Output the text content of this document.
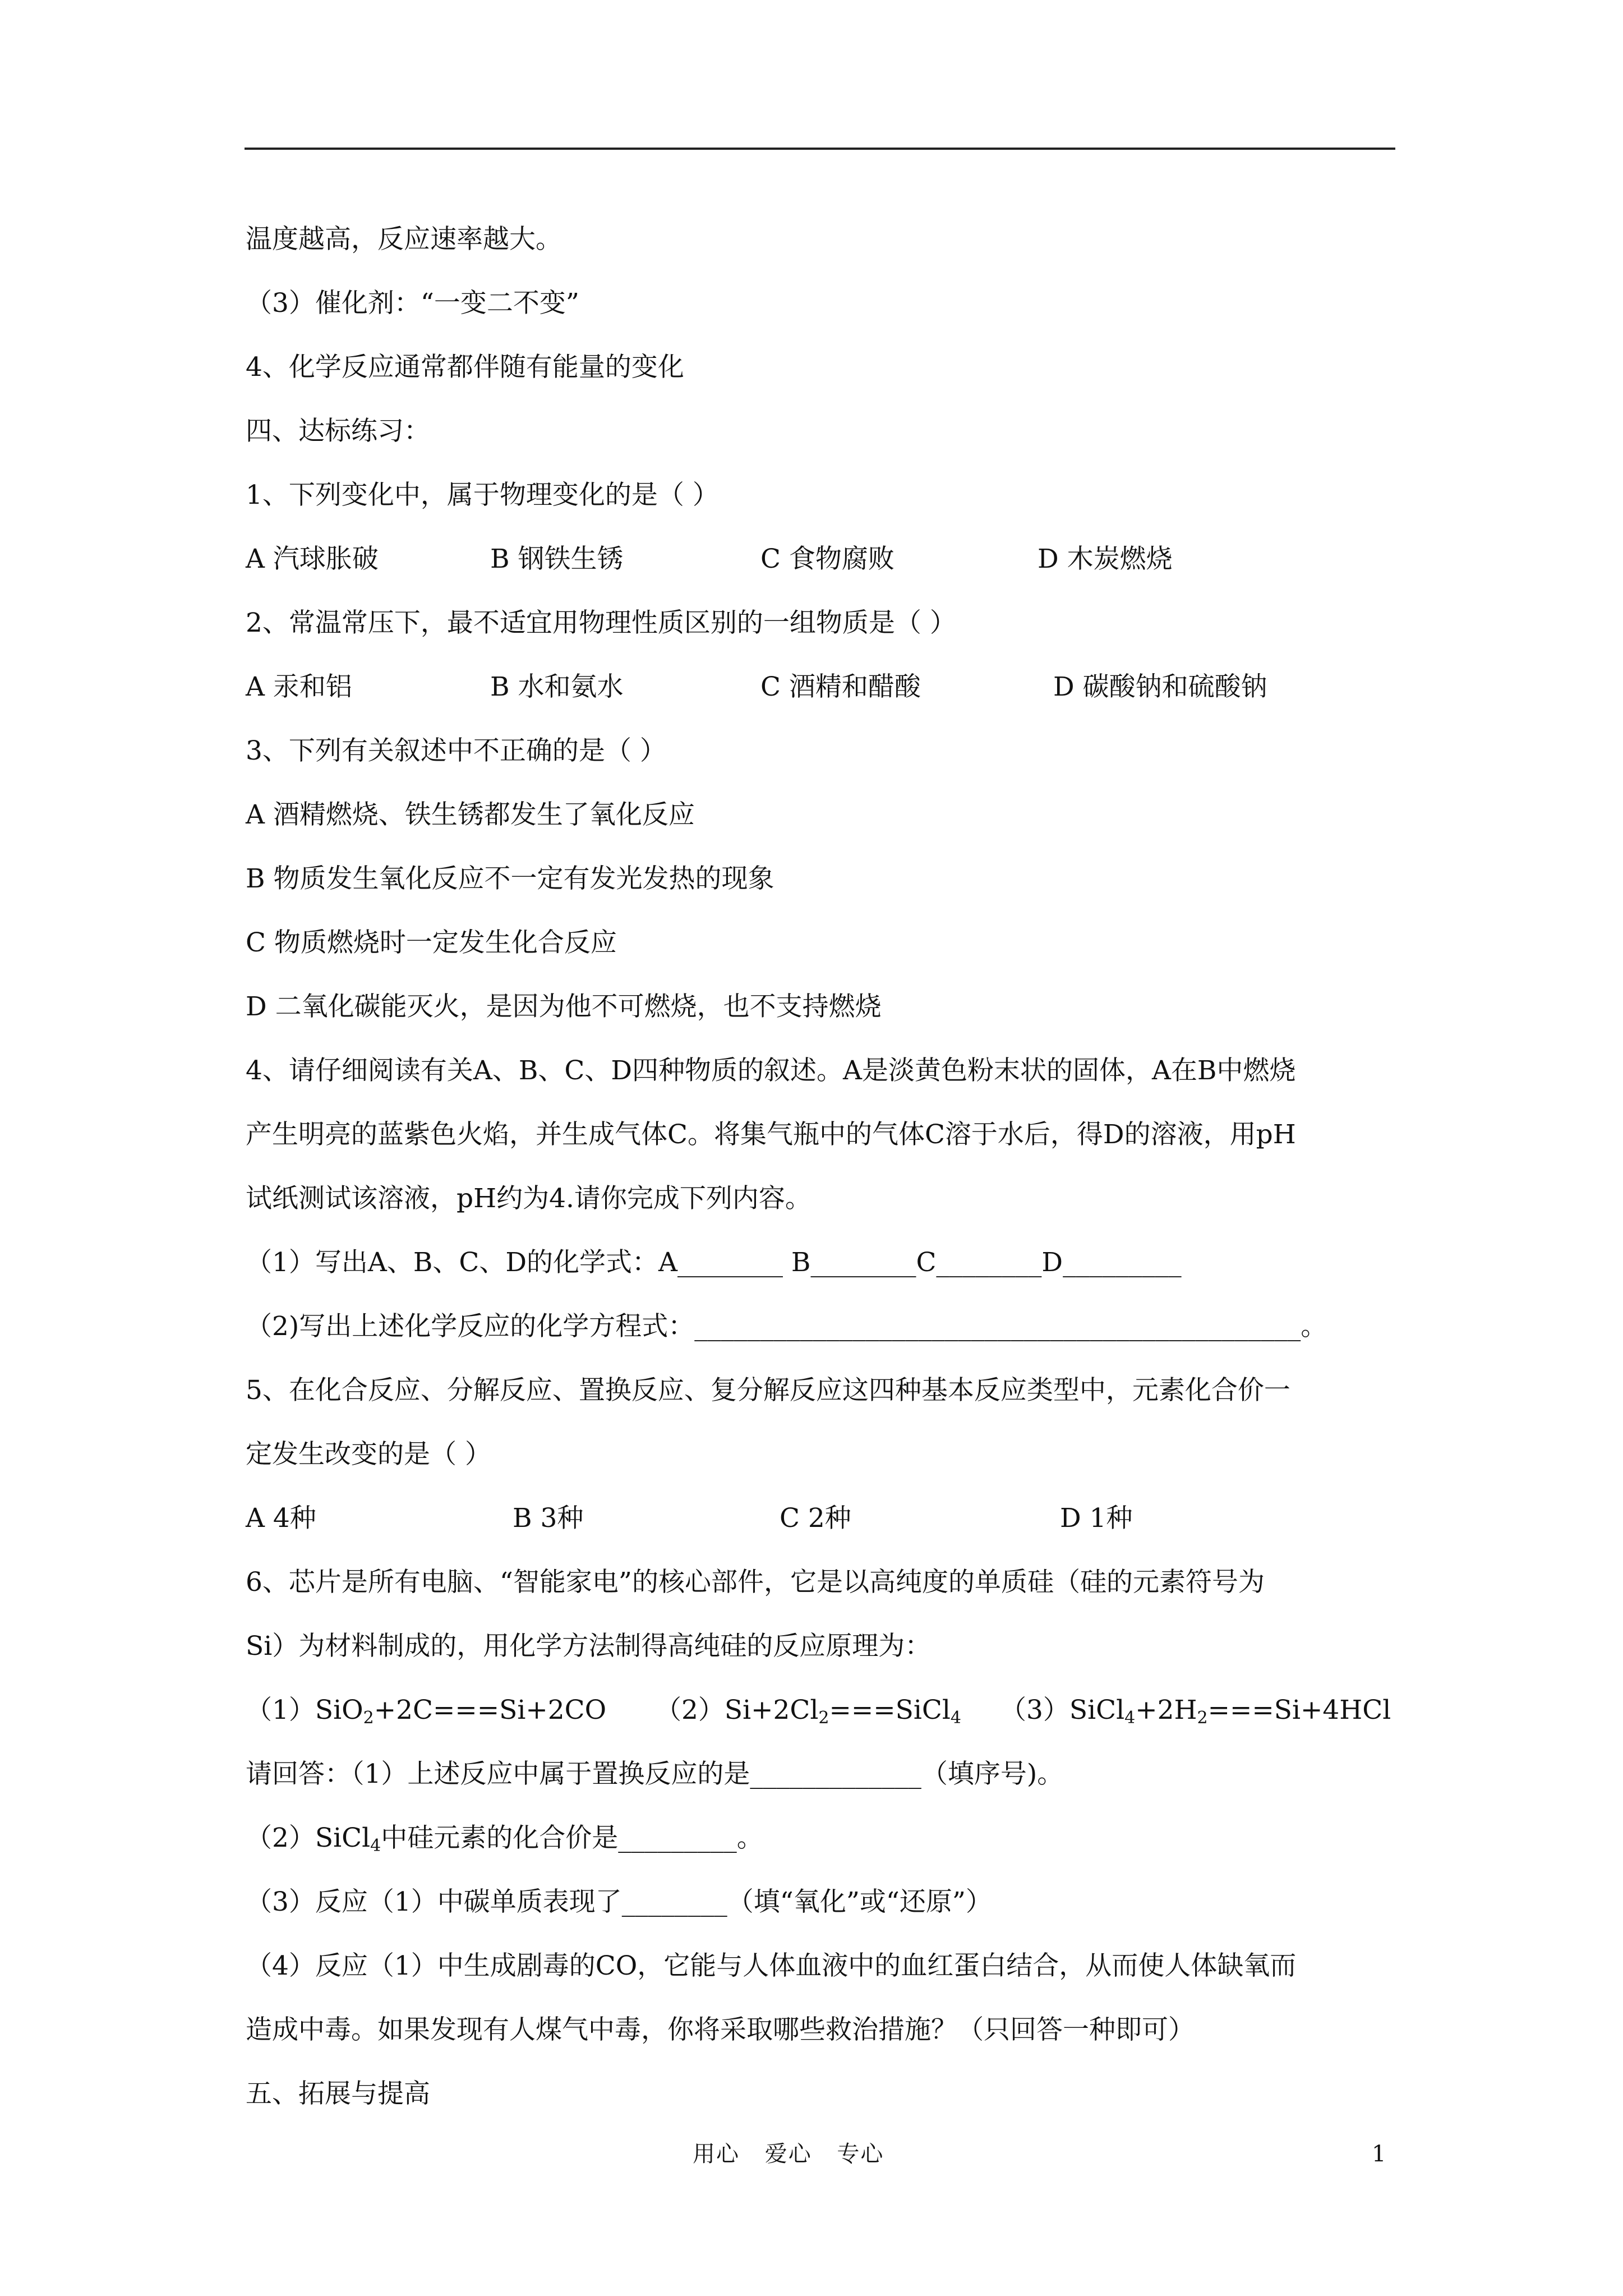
温度越高，反应速率越大。
（3）催化剂：“一变二不变”
4、化学反应通常都伴随有能量的变化
四、达标练习：
1、下列变化中，属于物理变化的是（ ）
A 汽球胀破	B 钢铁生锈	C 食物腐败	D 木炭燃烧
2、常温常压下，最不适宜用物理性质区别的一组物质是（ ）
A 汞和铝	B 水和氨水	C 酒精和醋酸	D 碳酸钠和硫酸钠
3、下列有关叙述中不正确的是（ ）
A 酒精燃烧、铁生锈都发生了氧化反应
B 物质发生氧化反应不一定有发光发热的现象
C 物质燃烧时一定发生化合反应
D 二氧化碳能灭火，是因为他不可燃烧，也不支持燃烧
4、请仔细阅读有关A、B、C、D四种物质的叙述。A是淡黄色粉末状的固体，A在B中燃烧
产生明亮的蓝紫色火焰，并生成气体C。将集气瓶中的气体C溶于水后，得D的溶液，用pH
试纸测试该溶液，pH约为4.请你完成下列内容。
（1）写出A、B、C、D的化学式：A________ B________C________D_________
（2)写出上述化学反应的化学方程式：______________________________________________。
5、在化合反应、分解反应、置换反应、复分解反应这四种基本反应类型中，元素化合价一
定发生改变的是（ ）
A 4种	B 3种	C 2种	D 1种
6、芯片是所有电脑、“智能家电”的核心部件，它是以高纯度的单质硅（硅的元素符号为
Si）为材料制成的，用化学方法制得高纯硅的反应原理为：
（1）SiO$_2$+2C===Si+2CO $(2)Si+2Cl_2===SiCl_4$ $(3)SiCl_4+2H_2===Si+4HCl$
请回答：（1）上述反应中属于置换反应的是_____________（填序号)。
（2）SiCl$_4$中硅元素的化合价是_________。
（3）反应（1）中碳单质表现了________（填“氧化”或“还原”）
（4）反应（1）中生成剧毒的CO，它能与人体血液中的血红蛋白结合，从而使人体缺氧而
造成中毒。如果发现有人煤气中毒，你将采取哪些救治措施？（只回答一种即可）
五、拓展与提高
用心 爱心 专心	1
